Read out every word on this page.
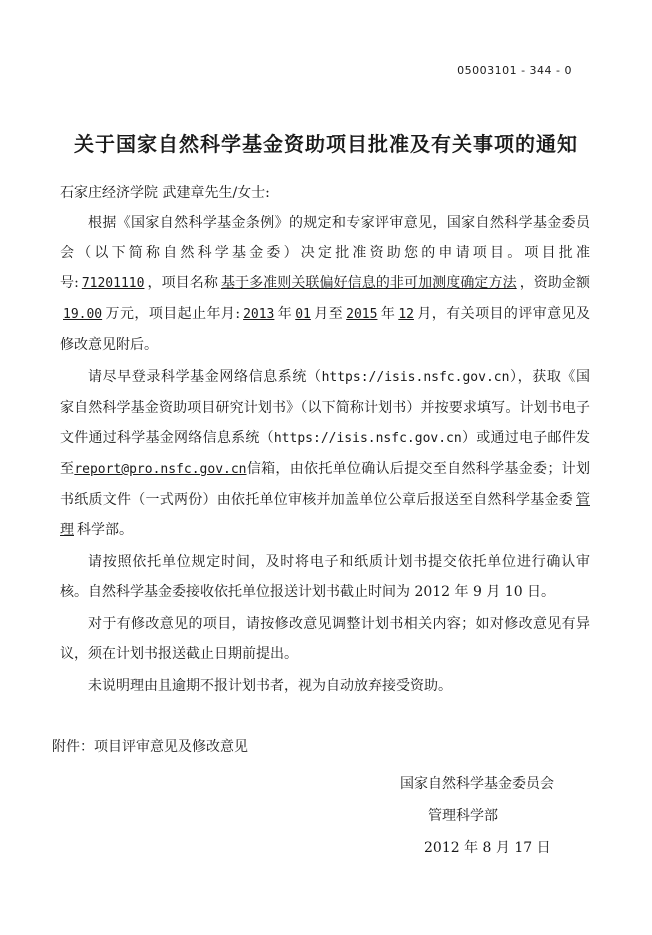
05003101 - 344 - 0
关于国家自然科学基金资助项目批准及有关事项的通知
石家庄经济学院 武建章先生/女士:

根据《国家自然科学基金条例》的规定和专家评审意见，国家自然科学基金委员会（以下简称自然科学基金委）决定批准资助您的申请项目。项目批准号: 71201110 ，项目名称 基于多准则关联偏好信息的非可加测度确定方法 ，资助金额19.00 万元，项目起止年月: 2013 年 01 月至 2015 年 12 月，有关项目的评审意见及修改意见附后。

请尽早登录科学基金网络信息系统（https://isis.nsfc.gov.cn），获取《国家自然科学基金资助项目研究计划书》（以下简称计划书）并按要求填写。计划书电子文件通过科学基金网络信息系统（https://isis.nsfc.gov.cn）或通过电子邮件发至report@pro.nsfc.gov.cn信箱，由依托单位确认后提交至自然科学基金委；计划书纸质文件（一式两份）由依托单位审核并加盖单位公章后报送至自然科学基金委 管理 科学部。

请按照依托单位规定时间，及时将电子和纸质计划书提交依托单位进行确认审核。自然科学基金委接收依托单位报送计划书截止时间为 2012 年 9 月 10 日。

对于有修改意见的项目，请按修改意见调整计划书相关内容；如对修改意见有异议，须在计划书报送截止日期前提出。

未说明理由且逾期不报计划书者，视为自动放弃接受资助。

附件：项目评审意见及修改意见
国家自然科学基金委员会
管理科学部
2012 年 8 月 17 日
